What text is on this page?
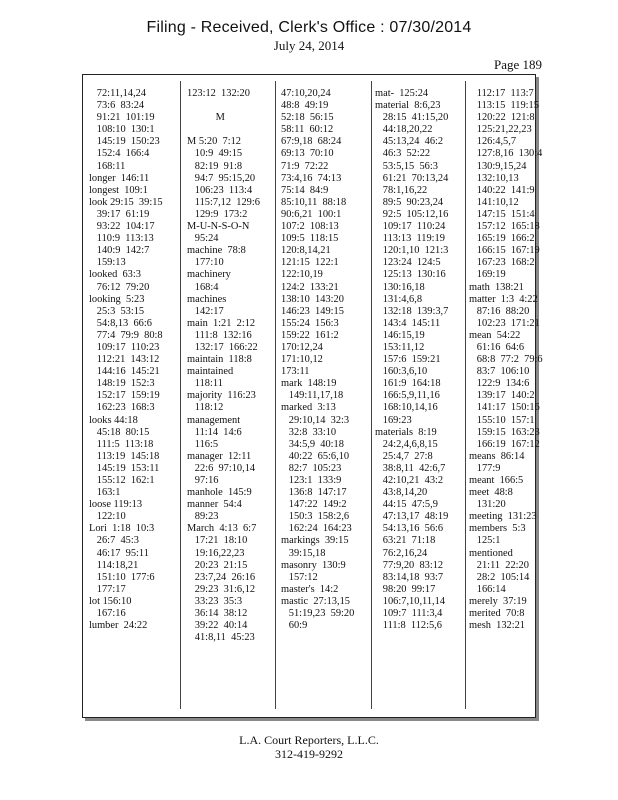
Filing - Received, Clerk's Office : 07/30/2014
July 24, 2014
Page 189
72:11,14,24
73:6  83:24
91:21  101:19
108:10  130:1
145:19  150:23
152:4  166:4
168:11
longer  146:11
longest  109:1
look 29:15  39:15
39:17  61:19
93:22  104:17
110:9  113:13
140:9  142:7
159:13
looked  63:3
76:12  79:20
looking  5:23
25:3  53:15
54:8,13  66:6
77:4  79:9  80:8
109:17  110:23
112:21  143:12
144:16  145:21
148:19  152:3
152:17  159:19
162:23  168:3
looks 44:18
45:18  80:15
111:5  113:18
113:19  145:18
145:19  153:11
155:12  162:1
163:1
loose 119:13
122:10
Lori  1:18  10:3
26:7  45:3
46:17  95:11
114:18,21
151:10  177:6
177:17
lot 156:10
167:16
lumber  24:22
123:12  132:20
M
M 5:20  7:12
10:9  49:15
82:19  91:8
94:7  95:15,20
106:23  113:4
115:7,12  129:6
129:9  173:2
M-U-N-S-O-N
95:24
machine  78:8
177:10
machinery
168:4
machines
142:17
main  1:21  2:12
111:8  132:16
132:17  166:22
maintain  118:8
maintained
118:11
majority  116:23
118:12
management
11:14  14:6
116:5
manager  12:11
22:6  97:10,14
97:16
manhole  145:9
manner  54:4
89:23
March  4:13  6:7
17:21  18:10
19:16,22,23
20:23  21:15
23:7,24  26:16
29:23  31:6,12
33:23  35:3
36:14  38:12
39:22  40:14
41:8,11  45:23
47:10,20,24
48:8  49:19
52:18  56:15
58:11  60:12
67:9,18  68:24
69:13  70:10
71:9  72:22
73:4,16  74:13
75:14  84:9
85:10,11  88:18
90:6,21  100:1
107:2  108:13
109:5  118:15
120:8,14,21
121:15  122:1
122:10,19
124:2  133:21
138:10  143:20
146:23  149:15
155:24  156:3
159:22  161:2
170:12,24
171:10,12
173:11
mark  148:19
149:11,17,18
marked  3:13
29:10,14  32:3
32:8  33:10
34:5,9  40:18
40:22  65:6,10
82:7  105:23
123:1  133:9
136:8  147:17
147:22  149:2
150:3  158:2,6
162:24  164:23
markings  39:15
39:15,18
masonry  130:9
157:12
master's  14:2
mastic  27:13,15
51:19,23  59:20
60:9
mat-  125:24
material  8:6,23
28:15  41:15,20
44:18,20,22
45:13,24  46:2
46:3  52:22
53:5,15  56:3
61:21  70:13,24
78:1,16,22
89:5  90:23,24
92:5  105:12,16
109:17  110:24
113:13  119:19
120:1,10  121:3
123:24  124:5
125:13  130:16
130:16,18
131:4,6,8
132:18  139:3,7
143:4  145:11
146:15,19
153:11,12
157:6  159:21
160:3,6,10
161:9  164:18
166:5,9,11,16
168:10,14,16
169:23
materials  8:19
24:2,4,6,8,15
25:4,7  27:8
38:8,11  42:6,7
42:10,21  43:2
43:8,14,20
44:15  47:5,9
47:13,17  48:19
54:13,16  56:6
63:21  71:18
76:2,16,24
77:9,20  83:12
83:14,18  93:7
98:20  99:17
106:7,10,11,14
109:7  111:3,4
111:8  112:5,6
112:17  113:7
113:15  119:15
120:22  121:8
125:21,22,23
126:4,5,7
127:8,16  130:4
130:9,15,24
132:10,13
140:22  141:9
141:10,12
147:15  151:4
157:12  165:18
165:19  166:2
166:15  167:19
167:23  168:2
169:19
math  138:21
matter  1:3  4:22
87:16  88:20
102:23  171:21
mean  54:22
61:16  64:6
68:8  77:2  79:6
83:7  106:10
122:9  134:6
139:17  140:2
141:17  150:16
155:10  157:1
159:15  163:23
166:19  167:12
means  86:14
177:9
meant  166:5
meet  48:8
131:20
meeting  131:23
members  5:3
125:1
mentioned
21:11  22:20
28:2  105:14
166:14
merely  37:19
merited  70:8
mesh  132:21
L.A. Court Reporters, L.L.C.
312-419-9292
